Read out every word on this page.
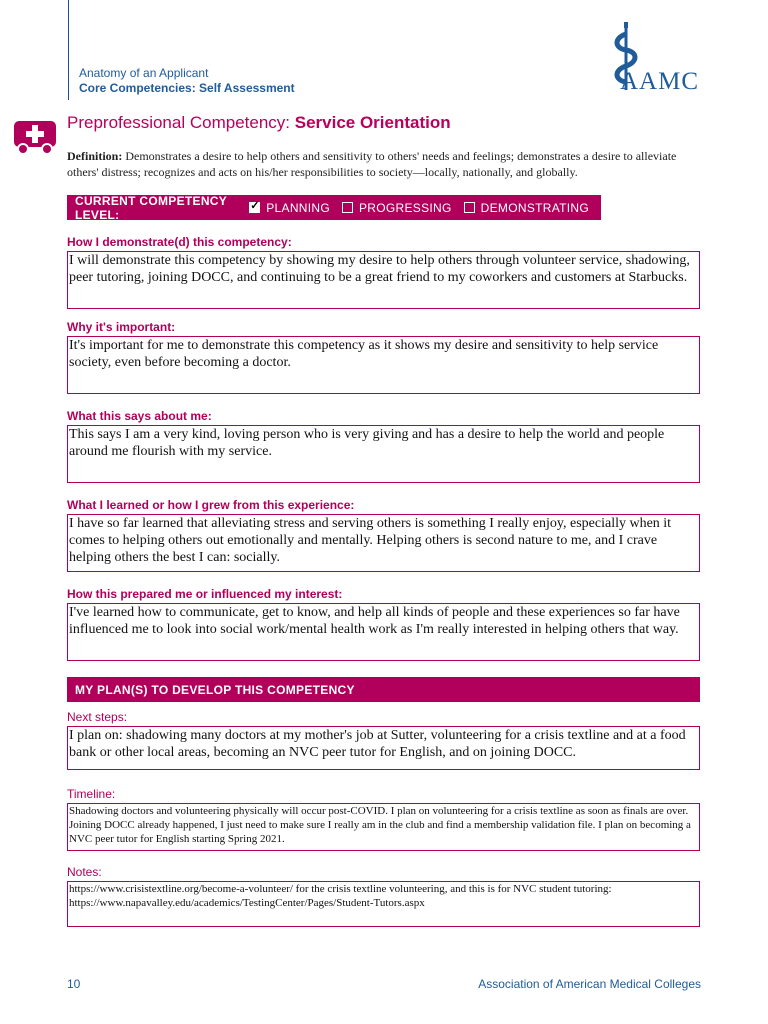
Anatomy of an Applicant
Core Competencies: Self Assessment	AAMC
Preprofessional Competency: Service Orientation
Definition: Demonstrates a desire to help others and sensitivity to others' needs and feelings; demonstrates a desire to alleviate others' distress; recognizes and acts on his/her responsibilities to society—locally, nationally, and globally.
CURRENT COMPETENCY LEVEL:
✓	PLANNING PROGRESSING DEMONSTRATING
How I demonstrate(d) this competency:
I will demonstrate this competency by showing my desire to help others through volunteer service, shadowing, peer tutoring, joining DOCC, and continuing to be a great friend to my coworkers and customers at Starbucks.
Why it's important:
It's important for me to demonstrate this competency as it shows my desire and sensitivity to help service society, even before becoming a doctor.
What this says about me:
This says I am a very kind, loving person who is very giving and has a desire to help the world and people around me flourish with my service.
What I learned or how I grew from this experience:
I have so far learned that alleviating stress and serving others is something I really enjoy, especially when it comes to helping others out emotionally and mentally. Helping others is second nature to me, and I crave helping others the best I can: socially.
How this prepared me or influenced my interest:
I've learned how to communicate, get to know, and help all kinds of people and these experiences so far have influenced me to look into social work/mental health work as I'm really interested in helping others that way.
MY PLAN(S) TO DEVELOP THIS COMPETENCY
Next steps:
I plan on: shadowing many doctors at my mother's job at Sutter, volunteering for a crisis textline and at a food bank or other local areas, becoming an NVC peer tutor for English, and on joining DOCC.
Timeline:
Shadowing doctors and volunteering physically will occur post-COVID. I plan on volunteering for a crisis textline as soon as finals are over. Joining DOCC already happened, I just need to make sure I really am in the club and find a membership validation file. I plan on becoming a NVC peer tutor for English starting Spring 2021.
Notes:
https://www.crisistextline.org/become-a-volunteer/ for the crisis textline volunteering, and this is for NVC student tutoring: https://www.napavalley.edu/academics/TestingCenter/Pages/Student-Tutors.aspx
10	Association of American Medical Colleges
